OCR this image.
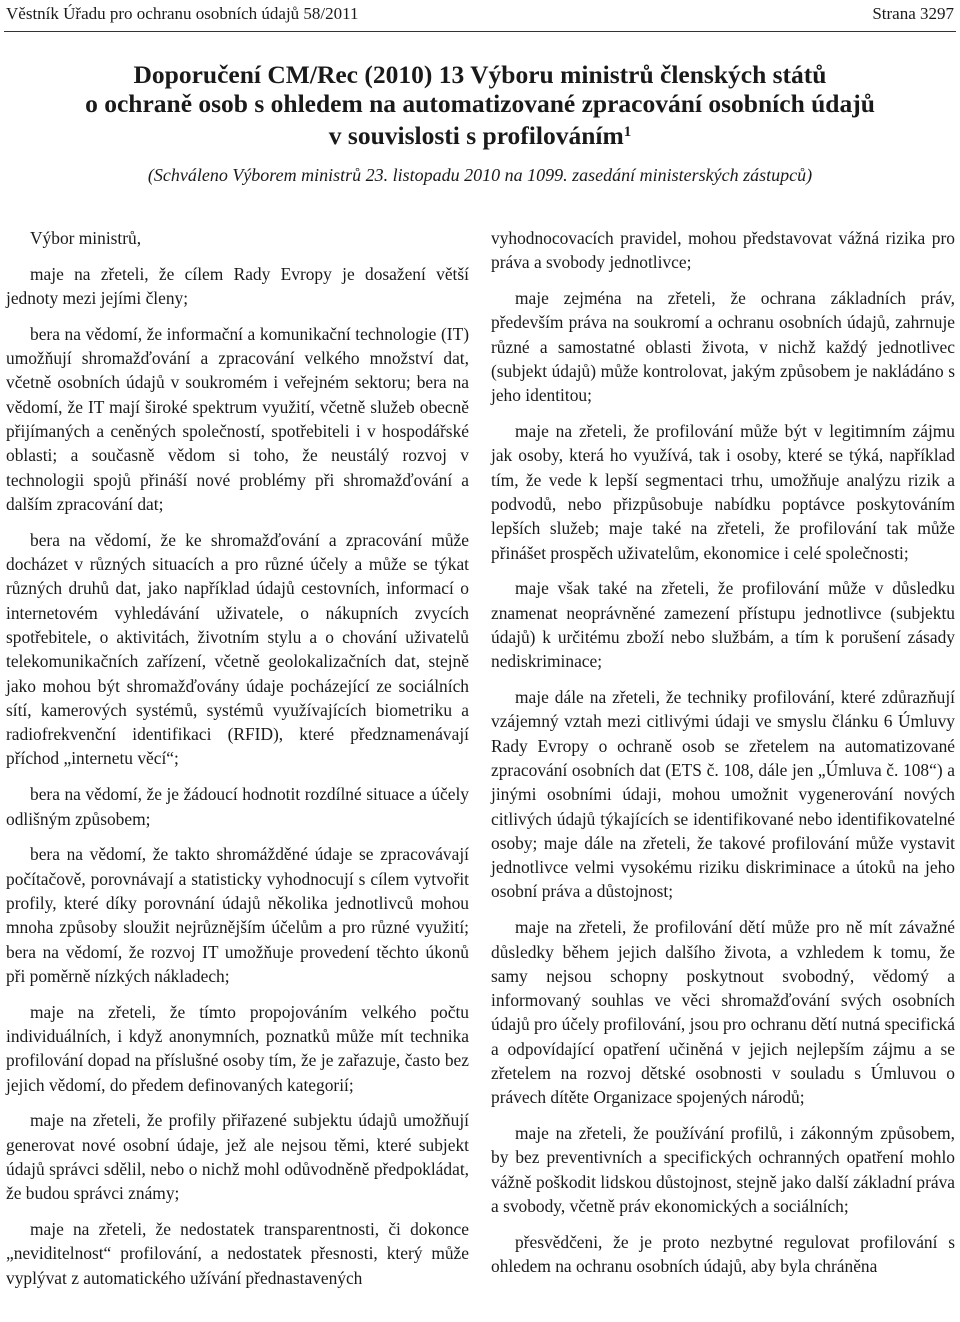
Věstník Úřadu pro ochranu osobních údajů 58/2011	Strana 3297
Doporučení CM/Rec (2010) 13 Výboru ministrů členských států
o ochraně osob s ohledem na automatizované zpracování osobních údajů
v souvislosti s profilováním$^1$
(Schváleno Výborem ministrů 23. listopadu 2010 na 1099. zasedání ministerských zástupců)

Výbor ministrů,

maje na zřeteli, že cílem Rady Evropy je dosažení větší jednoty mezi jejími členy;

bera na vědomí, že informační a komunikační technologie (IT) umožňují shromažďování a zpracování velkého množství dat, včetně osobních údajů v soukromém i veřejném sektoru; bera na vědomí, že IT mají široké spektrum využití, včetně služeb obecně přijímaných a ceněných společností, spotřebiteli i v hospodářské oblasti; a současně vědom si toho, že neustálý rozvoj v technologii spojů přináší nové problémy při shromažďování a dalším zpracování dat;

bera na vědomí, že ke shromažďování a zpracování může docházet v různých situacích a pro různé účely a může se týkat různých druhů dat, jako například údajů cestovních, informací o internetovém vyhledávání uživatele, o nákupních zvycích spotřebitele, o aktivitách, životním stylu a o chování uživatelů telekomunikačních zařízení, včetně geolokalizačních dat, stejně jako mohou být shromažďovány údaje pocházející ze sociálních sítí, kamerových systémů, systémů využívajících biometriku a radiofrekvenční identifikaci (RFID), které předznamenávají příchod „internetu věcí“;

bera na vědomí, že je žádoucí hodnotit rozdílné situace a účely odlišným způsobem;

bera na vědomí, že takto shromážděné údaje se zpracovávají počítačově, porovnávají a statisticky vyhodnocují s cílem vytvořit profily, které díky porovnání údajů několika jednotlivců mohou mnoha způsoby sloužit nejrůznějším účelům a pro různé využití; bera na vědomí, že rozvoj IT umožňuje provedení těchto úkonů při poměrně nízkých nákladech;

maje na zřeteli, že tímto propojováním velkého počtu individuálních, i když anonymních, poznatků může mít technika profilování dopad na příslušné osoby tím, že je zařazuje, často bez jejich vědomí, do předem definovaných kategorií;

maje na zřeteli, že profily přiřazené subjektu údajů umožňují generovat nové osobní údaje, jež ale nejsou těmi, které subjekt údajů správci sdělil, nebo o nichž mohl odůvodněně předpokládat, že budou správci známy;

maje na zřeteli, že nedostatek transparentnosti, či dokonce „neviditelnost“ profilování, a nedostatek přesnosti, který může vyplývat z automatického užívání přednastavených

vyhodnocovacích pravidel, mohou představovat vážná rizika pro práva a svobody jednotlivce;

maje zejména na zřeteli, že ochrana základních práv, především práva na soukromí a ochranu osobních údajů, zahrnuje různé a samostatné oblasti života, v nichž každý jednotlivec (subjekt údajů) může kontrolovat, jakým způsobem je nakládáno s jeho identitou;

maje na zřeteli, že profilování může být v legitimním zájmu jak osoby, která ho využívá, tak i osoby, které se týká, například tím, že vede k lepší segmentaci trhu, umožňuje analýzu rizik a podvodů, nebo přizpůsobuje nabídku poptávce poskytováním lepších služeb; maje také na zřeteli, že profilování tak může přinášet prospěch uživatelům, ekonomice i celé společnosti;

maje však také na zřeteli, že profilování může v důsledku znamenat neoprávněné zamezení přístupu jednotlivce (subjektu údajů) k určitému zboží nebo službám, a tím k porušení zásady nediskriminace;

maje dále na zřeteli, že techniky profilování, které zdůrazňují vzájemný vztah mezi citlivými údaji ve smyslu článku 6 Úmluvy Rady Evropy o ochraně osob se zřetelem na automatizované zpracování osobních dat (ETS č. 108, dále jen „Úmluva č. 108“) a jinými osobními údaji, mohou umožnit vygenerování nových citlivých údajů týkajících se identifikované nebo identifikovatelné osoby; maje dále na zřeteli, že takové profilování může vystavit jednotlivce velmi vysokému riziku diskriminace a útoků na jeho osobní práva a důstojnost;

maje na zřeteli, že profilování dětí může pro ně mít závažné důsledky během jejich dalšího života, a vzhledem k tomu, že samy nejsou schopny poskytnout svobodný, vědomý a informovaný souhlas ve věci shromažďování svých osobních údajů pro účely profilování, jsou pro ochranu dětí nutná specifická a odpovídající opatření učiněná v jejich nejlepším zájmu a se zřetelem na rozvoj dětské osobnosti v souladu s Úmluvou o právech dítěte Organizace spojených národů;

maje na zřeteli, že používání profilů, i zákonným způsobem, by bez preventivních a specifických ochranných opatření mohlo vážně poškodit lidskou důstojnost, stejně jako další základní práva a svobody, včetně práv ekonomických a sociálních;

přesvědčeni, že je proto nezbytné regulovat profilování s ohledem na ochranu osobních údajů, aby byla chráněna
